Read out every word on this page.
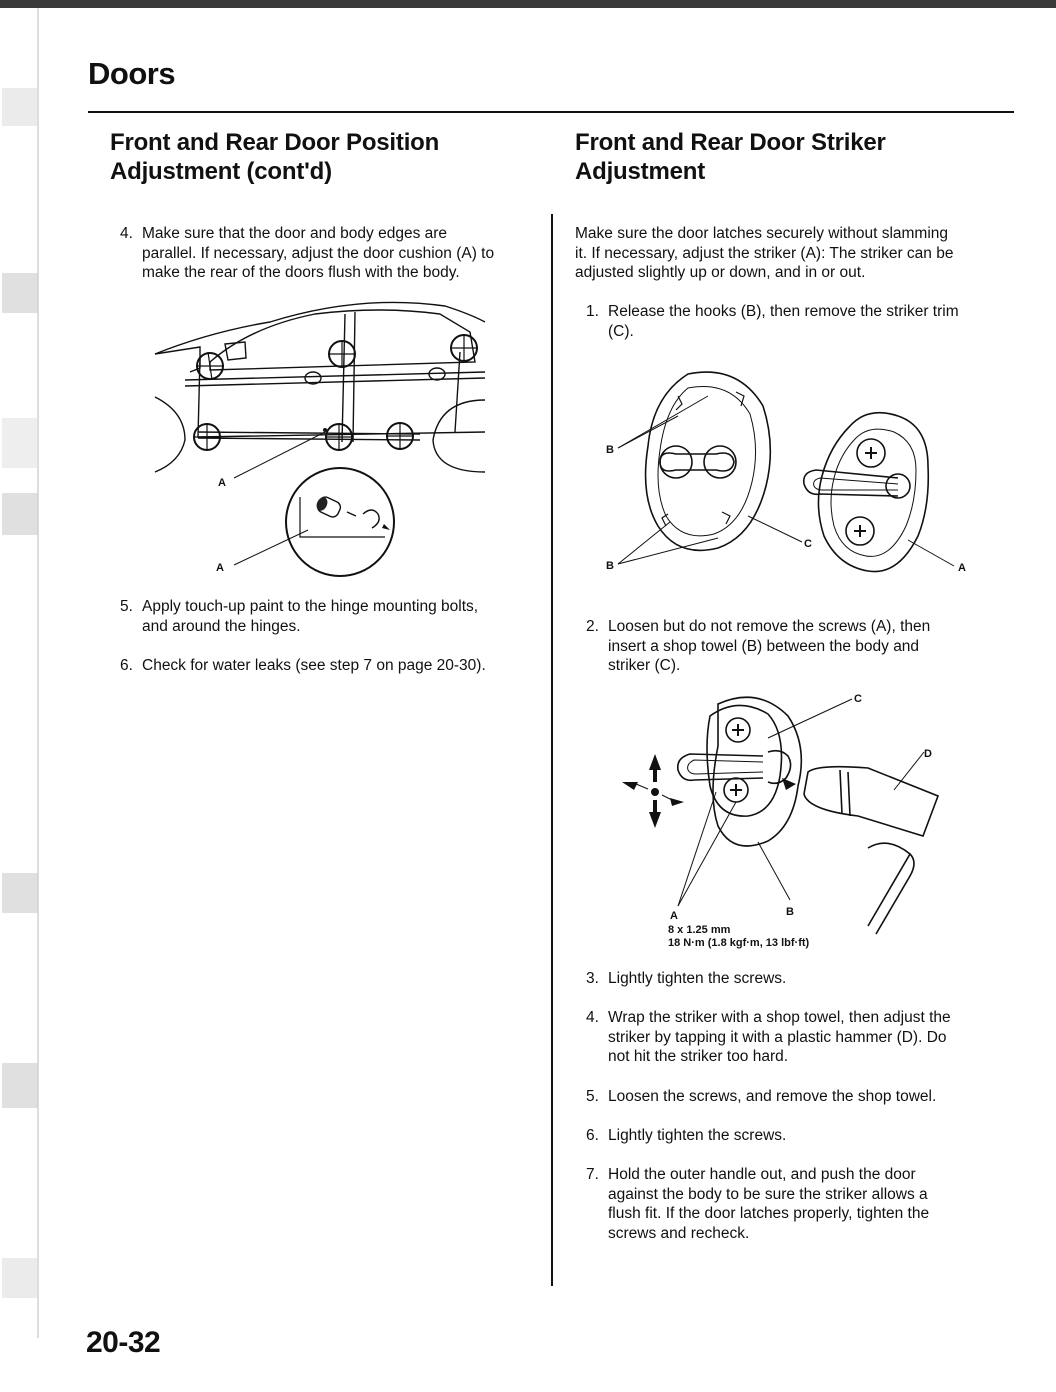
Doors
Front and Rear Door Position
Adjustment (cont'd)
4. Make sure that the door and body edges are
parallel. If necessary, adjust the door cushion (A) to
make the rear of the doors flush with the body.
A
A
5. Apply touch-up paint to the hinge mounting bolts,
and around the hinges.
6. Check for water leaks (see step 7 on page 20-30).
Front and Rear Door Striker
Adjustment
Make sure the door latches securely without slamming
it. If necessary, adjust the striker (A): The striker can be
adjusted slightly up or down, and in or out.
1. Release the hooks (B), then remove the striker trim
(C).
B
B
C
A
2. Loosen but do not remove the screws (A), then
insert a shop towel (B) between the body and
striker (C).
C
D
A	B
8 x 1.25 mm
18 N·m (1.8 kgf·m, 13 lbf·ft)
3. Lightly tighten the screws.
4. Wrap the striker with a shop towel, then adjust the
striker by tapping it with a plastic hammer (D). Do
not hit the striker too hard.
5. Loosen the screws, and remove the shop towel.
6. Lightly tighten the screws.
7. Hold the outer handle out, and push the door
against the body to be sure the striker allows a
flush fit. If the door latches properly, tighten the
screws and recheck.
20-32
